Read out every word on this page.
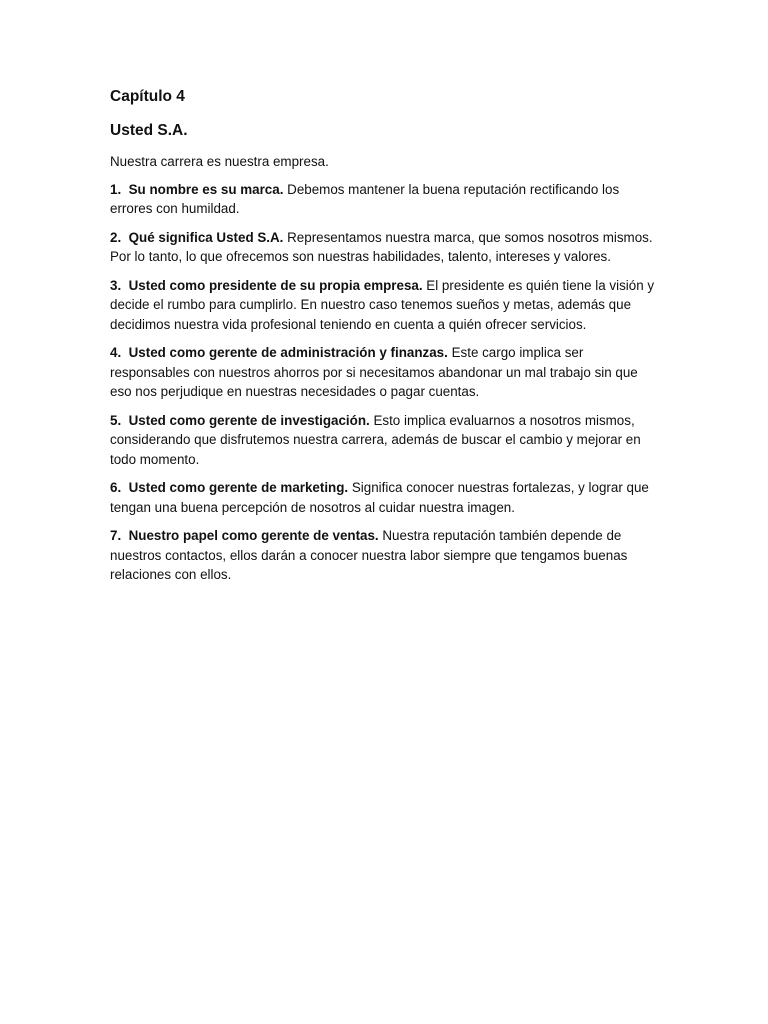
Capítulo 4
Usted S.A.

Nuestra carrera es nuestra empresa.

1. Su nombre es su marca. Debemos mantener la buena reputación rectificando los errores con humildad.

2. Qué significa Usted S.A. Representamos nuestra marca, que somos nosotros mismos. Por lo tanto, lo que ofrecemos son nuestras habilidades, talento, intereses y valores.

3. Usted como presidente de su propia empresa. El presidente es quién tiene la visión y decide el rumbo para cumplirlo. En nuestro caso tenemos sueños y metas, además que decidimos nuestra vida profesional teniendo en cuenta a quién ofrecer servicios.

4. Usted como gerente de administración y finanzas. Este cargo implica ser responsables con nuestros ahorros por si necesitamos abandonar un mal trabajo sin que eso nos perjudique en nuestras necesidades o pagar cuentas.

5. Usted como gerente de investigación. Esto implica evaluarnos a nosotros mismos, considerando que disfrutemos nuestra carrera, además de buscar el cambio y mejorar en todo momento.

6. Usted como gerente de marketing. Significa conocer nuestras fortalezas, y lograr que tengan una buena percepción de nosotros al cuidar nuestra imagen.

7. Nuestro papel como gerente de ventas. Nuestra reputación también depende de nuestros contactos, ellos darán a conocer nuestra labor siempre que tengamos buenas relaciones con ellos.
